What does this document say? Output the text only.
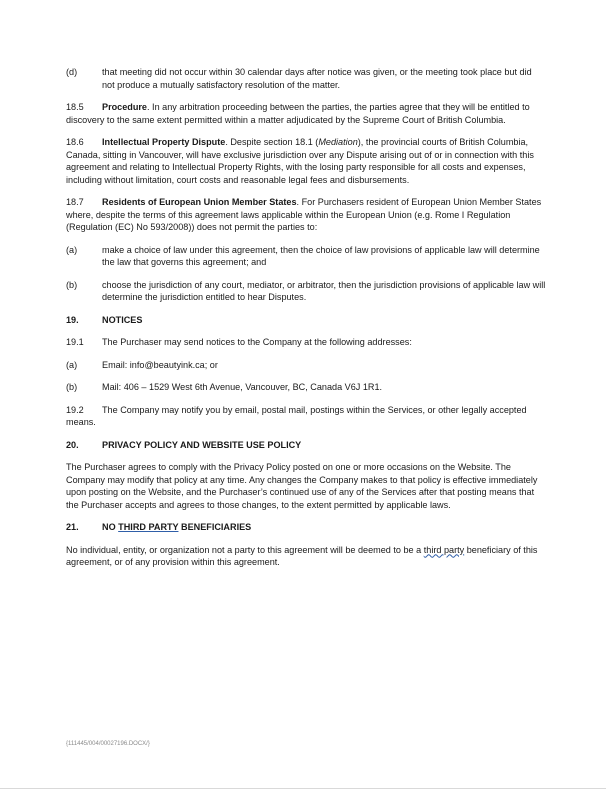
(d)	that meeting did not occur within 30 calendar days after notice was given, or the meeting took place but did not produce a mutually satisfactory resolution of the matter.

18.5 Procedure. In any arbitration proceeding between the parties, the parties agree that they will be entitled to discovery to the same extent permitted within a matter adjudicated by the Supreme Court of British Columbia.

18.6 Intellectual Property Dispute. Despite section 18.1 (Mediation), the provincial courts of British Columbia, Canada, sitting in Vancouver, will have exclusive jurisdiction over any Dispute arising out of or in connection with this agreement and relating to Intellectual Property Rights, with the losing party responsible for all costs and expenses, including without limitation, court costs and reasonable legal fees and disbursements.

18.7 Residents of European Union Member States. For Purchasers resident of European Union Member States where, despite the terms of this agreement laws applicable within the European Union (e.g. Rome I Regulation (Regulation (EC) No 593/2008)) does not permit the parties to:

(a)	make a choice of law under this agreement, then the choice of law provisions of applicable law will determine the law that governs this agreement; and
(b)	choose the jurisdiction of any court, mediator, or arbitrator, then the jurisdiction provisions of applicable law will determine the jurisdiction entitled to hear Disputes.
19.	NOTICES

19.1 The Purchaser may send notices to the Company at the following addresses:

(a)	Email: info@beautyink.ca; or
(b)	Mail: 406 – 1529 West 6th Avenue, Vancouver, BC, Canada V6J 1R1.

19.2 The Company may notify you by email, postal mail, postings within the Services, or other legally accepted means.

20.	PRIVACY POLICY AND WEBSITE USE POLICY

The Purchaser agrees to comply with the Privacy Policy posted on one or more occasions on the Website. The Company may modify that policy at any time. Any changes the Company makes to that policy is effective immediately upon posting on the Website, and the Purchaser’s continued use of any of the Services after that posting means that the Purchaser accepts and agrees to those changes, to the extent permitted by applicable laws.

21.	NO THIRD PARTY BENEFICIARIES

No individual, entity, or organization not a party to this agreement will be deemed to be a third party beneficiary of this agreement, or of any provision within this agreement.

{111445/004/00027196.DOCX/}
